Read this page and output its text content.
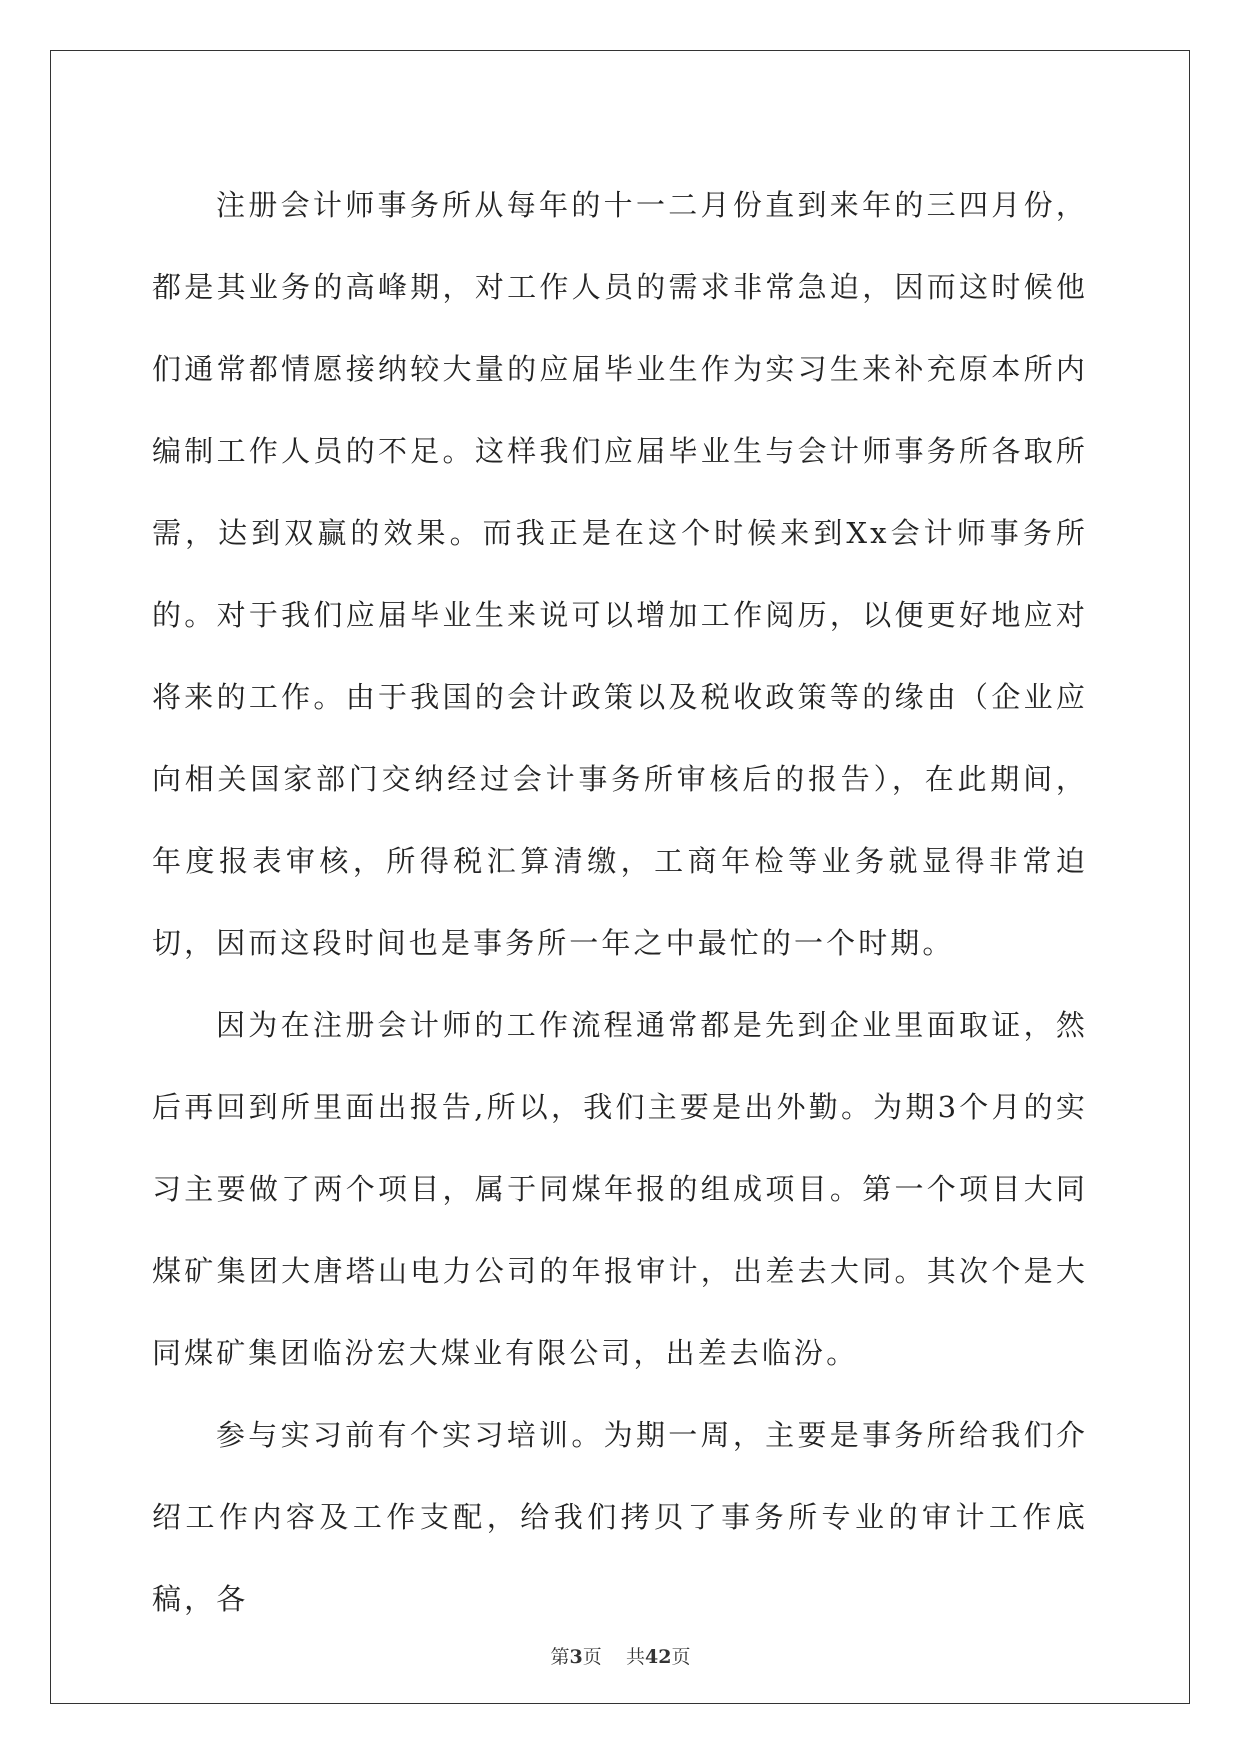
注册会计师事务所从每年的十一二月份直到来年的三四月份，都是其业务的高峰期，对工作人员的需求非常急迫，因而这时候他们通常都情愿接纳较大量的应届毕业生作为实习生来补充原本所内编制工作人员的不足。这样我们应届毕业生与会计师事务所各取所需，达到双赢的效果。而我正是在这个时候来到Xx会计师事务所的。对于我们应届毕业生来说可以增加工作阅历，以便更好地应对将来的工作。由于我国的会计政策以及税收政策等的缘由（企业应向相关国家部门交纳经过会计事务所审核后的报告），在此期间，年度报表审核，所得税汇算清缴，工商年检等业务就显得非常迫切，因而这段时间也是事务所一年之中最忙的一个时期。

因为在注册会计师的工作流程通常都是先到企业里面取证，然后再回到所里面出报告,所以，我们主要是出外勤。为期3个月的实习主要做了两个项目，属于同煤年报的组成项目。第一个项目大同煤矿集团大唐塔山电力公司的年报审计，出差去大同。其次个是大同煤矿集团临汾宏大煤业有限公司，出差去临汾。

参与实习前有个实习培训。为期一周，主要是事务所给我们介绍工作内容及工作支配，给我们拷贝了事务所专业的审计工作底稿，各

第3页 共42页
